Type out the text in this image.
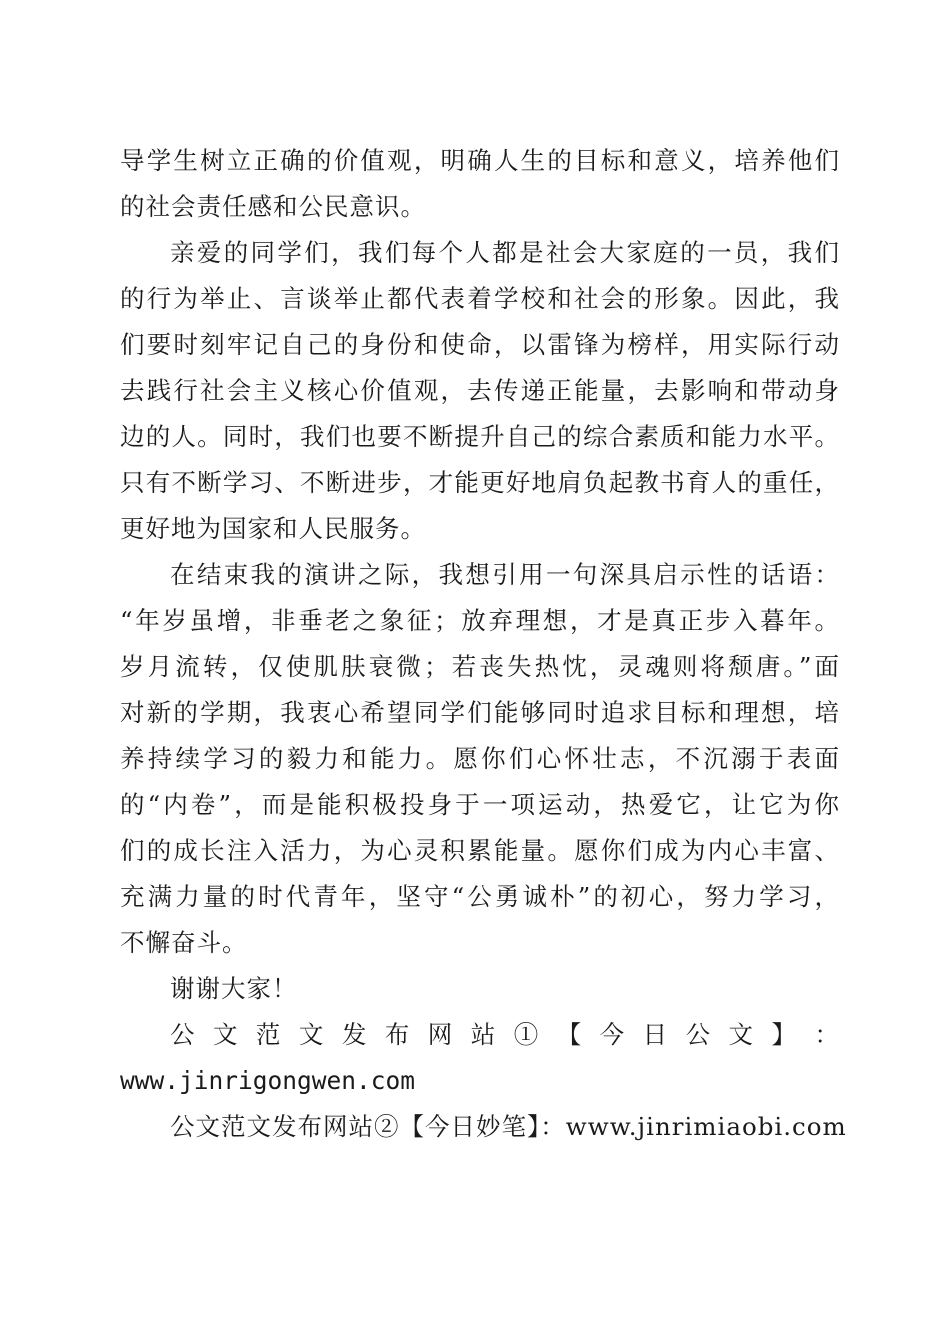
导学生树立正确的价值观，明确人生的目标和意义，培养他们
的社会责任感和公民意识。
亲爱的同学们，我们每个人都是社会大家庭的一员，我们
的行为举止、言谈举止都代表着学校和社会的形象。因此，我
们要时刻牢记自己的身份和使命，以雷锋为榜样，用实际行动
去践行社会主义核心价值观，去传递正能量，去影响和带动身
边的人。同时，我们也要不断提升自己的综合素质和能力水平。
只有不断学习、不断进步，才能更好地肩负起教书育人的重任，
更好地为国家和人民服务。
在结束我的演讲之际，我想引用一句深具启示性的话语：
“年岁虽增，非垂老之象征；放弃理想，才是真正步入暮年。
岁月流转，仅使肌肤衰微；若丧失热忱，灵魂则将颓唐。”面
对新的学期，我衷心希望同学们能够同时追求目标和理想，培
养持续学习的毅力和能力。愿你们心怀壮志，不沉溺于表面
的“内卷”，而是能积极投身于一项运动，热爱它，让它为你
们的成长注入活力，为心灵积累能量。愿你们成为内心丰富、
充满力量的时代青年，坚守“公勇诚朴”的初心，努力学习，
不懈奋斗。
谢谢大家！
公 文 范 文 发 布 网 站 ① 【 今 日 公 文 】 ：
www.jinrigongwen.com
公文范文发布网站②【今日妙笔】：www.jinrimiaobi.com
